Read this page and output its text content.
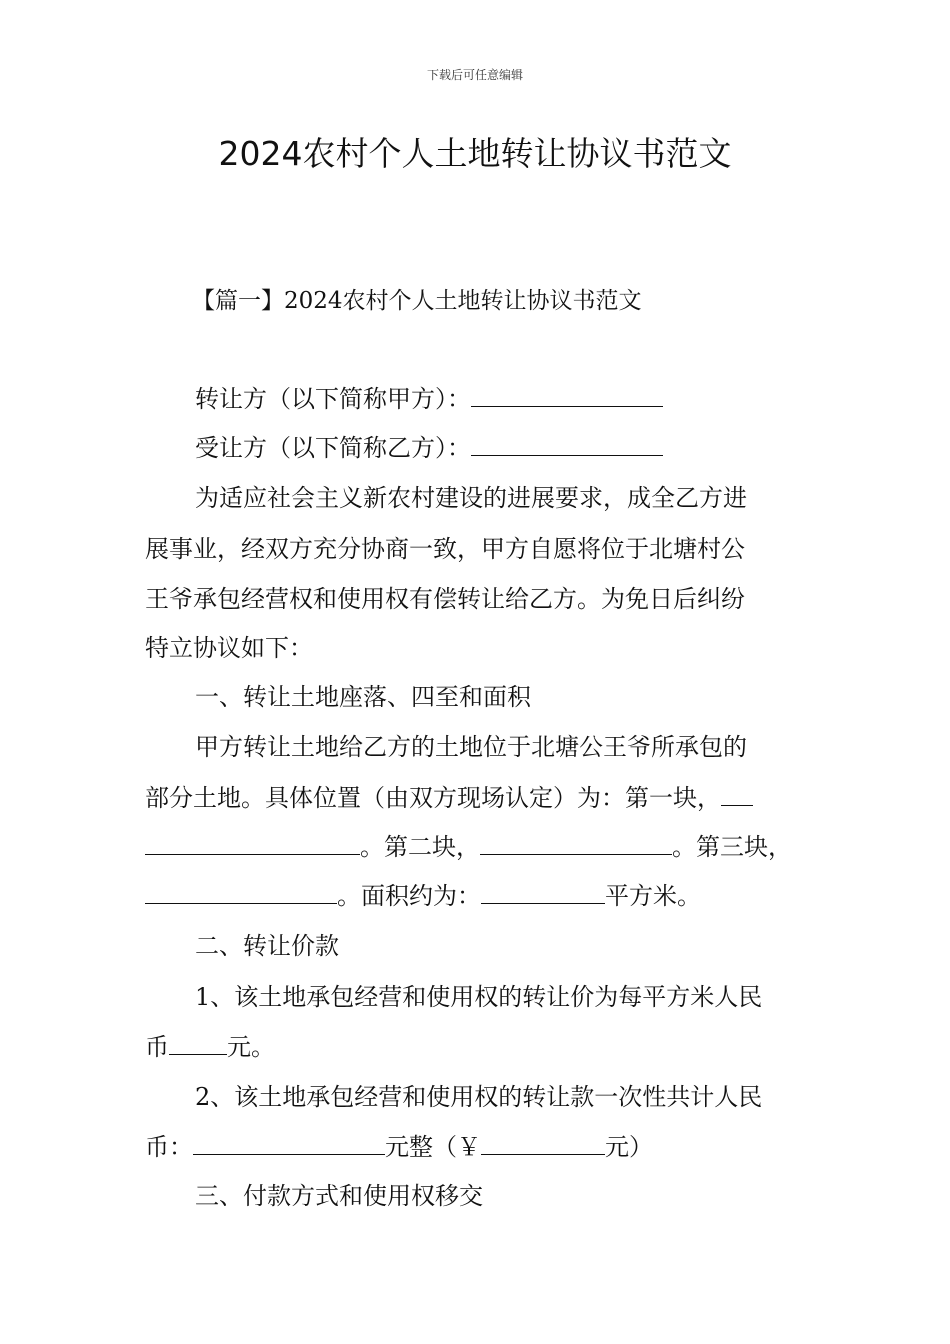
下载后可任意编辑
2024农村个人土地转让协议书范文
【篇一】2024农村个人土地转让协议书范文
转让方（以下简称甲方）：
受让方（以下简称乙方）：
为适应社会主义新农村建设的进展要求，成全乙方进
展事业，经双方充分协商一致，甲方自愿将位于北塘村公
王爷承包经营权和使用权有偿转让给乙方。为免日后纠纷
特立协议如下：
一、转让土地座落、四至和面积
甲方转让土地给乙方的土地位于北塘公王爷所承包的
部分土地。具体位置（由双方现场认定）为：第一块，
。第二块，	。第三块，
。面积约为：	平方米。
二、转让价款
1、该土地承包经营和使用权的转让价为每平方米人民
币 元。
2、该土地承包经营和使用权的转让款一次性共计人民
币：	元整（￥	元）
三、付款方式和使用权移交
